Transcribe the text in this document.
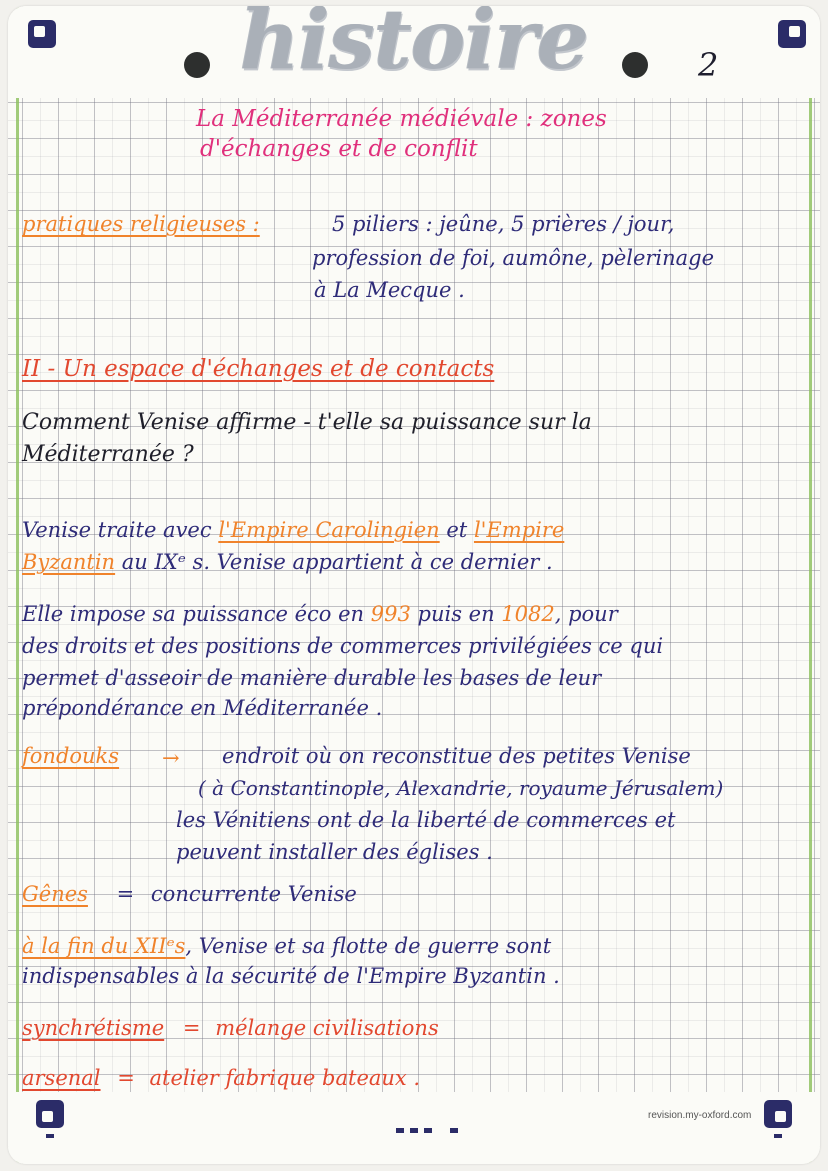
histoire	2
La Méditerranée médiévale : zones
d'échanges et de conflit
pratiques religieuses :	5 piliers : jeûne, 5 prières / jour,
profession de foi, aumône, pèlerinage
à La Mecque .
II - Un espace d'échanges et de contacts
Comment Venise affirme - t'elle sa puissance sur la
Méditerranée ?
Venise traite avec l'Empire Carolingien et l'Empire
Byzantin au IXᵉ s. Venise appartient à ce dernier .
Elle impose sa puissance éco en 993 puis en 1082, pour
des droits et des positions de commerces privilégiées ce qui
permet d'asseoir de manière durable les bases de leur
prépondérance en Méditerranée .
fondouks → endroit où on reconstitue des petites Venise
( à Constantinople, Alexandrie, royaume Jérusalem)
les Vénitiens ont de la liberté de commerces et
peuvent installer des églises .
Gênes = concurrente Venise
à la fin du XIIᵉs, Venise et sa flotte de guerre sont
indispensables à la sécurité de l'Empire Byzantin .
synchrétisme = mélange civilisations
arsenal = atelier fabrique bateaux .
revision.my-oxford.com
